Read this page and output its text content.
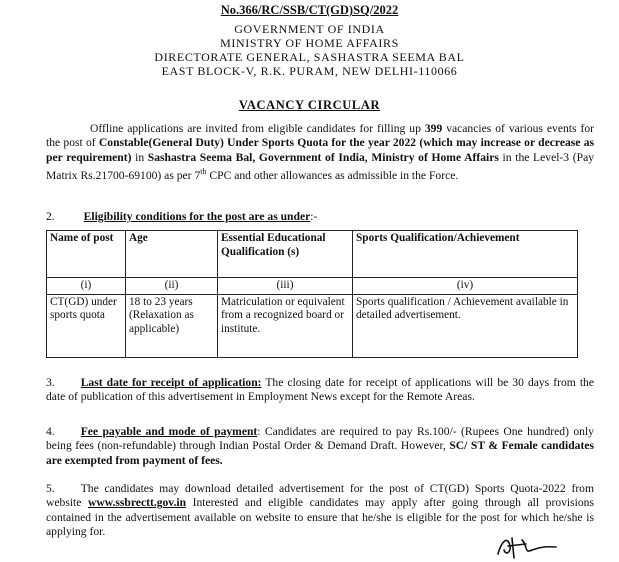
No.366/RC/SSB/CT(GD)SQ/2022
GOVERNMENT OF INDIA
MINISTRY OF HOME AFFAIRS
DIRECTORATE GENERAL, SASHASTRA SEEMA BAL
EAST BLOCK-V, R.K. PURAM, NEW DELHI-110066
VACANCY CIRCULAR
Offline applications are invited from eligible candidates for filling up 399 vacancies of various events for the post of Constable(General Duty) Under Sports Quota for the year 2022 (which may increase or decrease as per requirement) in Sashastra Seema Bal, Government of India, Ministry of Home Affairs in the Level-3 (Pay Matrix Rs.21700-69100) as per 7th CPC and other allowances as admissible in the Force.
2. Eligibility conditions for the post are as under:-
Name of post	Age	Essential Educational Qualification (s)	Sports Qualification/Achievement
(i)	(ii)	(iii)	(iv)
CT(GD) under sports quota	18 to 23 years (Relaxation as applicable)	Matriculation or equivalent from a recognized board or institute.	Sports qualification / Achievement available in detailed advertisement.
3. Last date for receipt of application: The closing date for receipt of applications will be 30 days from the date of publication of this advertisement in Employment News except for the Remote Areas.
4. Fee payable and mode of payment: Candidates are required to pay Rs.100/- (Rupees One hundred) only being fees (non-refundable) through Indian Postal Order & Demand Draft. However, SC/ ST & Female candidates are exempted from payment of fees.
5. The candidates may download detailed advertisement for the post of CT(GD) Sports Quota-2022 from website www.ssbrectt.gov.in Interested and eligible candidates may apply after going through all provisions contained in the advertisement available on website to ensure that he/she is eligible for the post for which he/she is applying for.
